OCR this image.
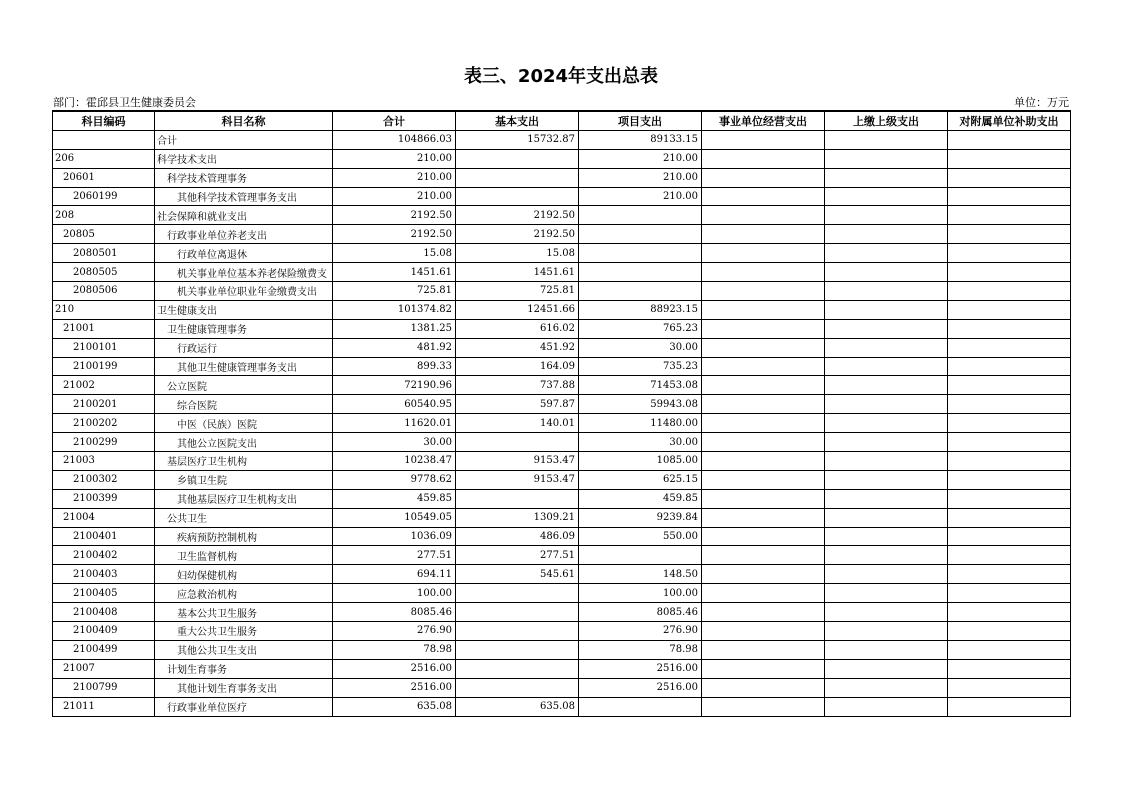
表三、2024年支出总表
部门：霍邱县卫生健康委员会	单位：万元
科目编码	科目名称	合计	基本支出	项目支出	事业单位经营支出	上缴上级支出	对附属单位补助支出
	合计	104866.03	15732.87	89133.15			
206	科学技术支出	210.00		210.00			
20601	科学技术管理事务	210.00		210.00			
2060199	其他科学技术管理事务支出	210.00		210.00			
208	社会保障和就业支出	2192.50	2192.50				
20805	行政事业单位养老支出	2192.50	2192.50				
2080501	行政单位离退休	15.08	15.08				
2080505	机关事业单位基本养老保险缴费支	1451.61	1451.61				
2080506	机关事业单位职业年金缴费支出	725.81	725.81				
210	卫生健康支出	101374.82	12451.66	88923.15			
21001	卫生健康管理事务	1381.25	616.02	765.23			
2100101	行政运行	481.92	451.92	30.00			
2100199	其他卫生健康管理事务支出	899.33	164.09	735.23			
21002	公立医院	72190.96	737.88	71453.08			
2100201	综合医院	60540.95	597.87	59943.08			
2100202	中医（民族）医院	11620.01	140.01	11480.00			
2100299	其他公立医院支出	30.00		30.00			
21003	基层医疗卫生机构	10238.47	9153.47	1085.00			
2100302	乡镇卫生院	9778.62	9153.47	625.15			
2100399	其他基层医疗卫生机构支出	459.85		459.85			
21004	公共卫生	10549.05	1309.21	9239.84			
2100401	疾病预防控制机构	1036.09	486.09	550.00			
2100402	卫生监督机构	277.51	277.51				
2100403	妇幼保健机构	694.11	545.61	148.50			
2100405	应急救治机构	100.00		100.00			
2100408	基本公共卫生服务	8085.46		8085.46			
2100409	重大公共卫生服务	276.90		276.90			
2100499	其他公共卫生支出	78.98		78.98			
21007	计划生育事务	2516.00		2516.00			
2100799	其他计划生育事务支出	2516.00		2516.00			
21011	行政事业单位医疗	635.08	635.08				
